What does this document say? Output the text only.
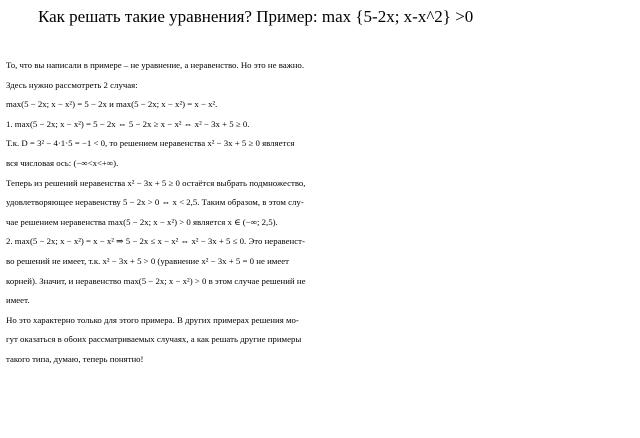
Как решать такие уравнения? Пример: max {5-2x; x-x^2} >0
То, что вы написали в примере – не уравнение, а неравенство. Но это не важно.
Здесь нужно рассмотреть 2 случая:
max(5 − 2x; x − x²) = 5 − 2x и max(5 − 2x; x − x²) = x − x².
1. max(5 − 2x; x − x²) = 5 − 2x ⇔ 5 − 2x ≥ x − x² ⇔ x² − 3x + 5 ≥ 0.
Т.к. D = 3² − 4·1·5 = −1 < 0, то решением неравенства x² − 3x + 5 ≥ 0 является
вся числовая ось: (−∞<x<+∞).
Теперь из решений неравенства x² − 3x + 5 ≥ 0 остаётся выбрать подмножество,
удовлетворяющее неравенству 5 − 2x > 0 ⇔ x < 2,5. Таким образом, в этом слу-
чае решением неравенства max(5 − 2x; x − x²) > 0 является x ∈ (−∞; 2,5).
2. max(5 − 2x; x − x²) = x − x² ⇒ 5 − 2x ≤ x − x² ⇔ x² − 3x + 5 ≤ 0. Это неравенст-
во решений не имеет, т.к. x² − 3x + 5 > 0 (уравнение x² − 3x + 5 = 0 не имеет
корней). Значит, и неравенство max(5 − 2x; x − x²) > 0 в этом случае решений не
имеет.
Но это характерно только для этого примера. В других примерах решения мо-
гут оказаться в обоих рассматриваемых случаях, а как решать другие примеры
такого типа, думаю, теперь понятно!
